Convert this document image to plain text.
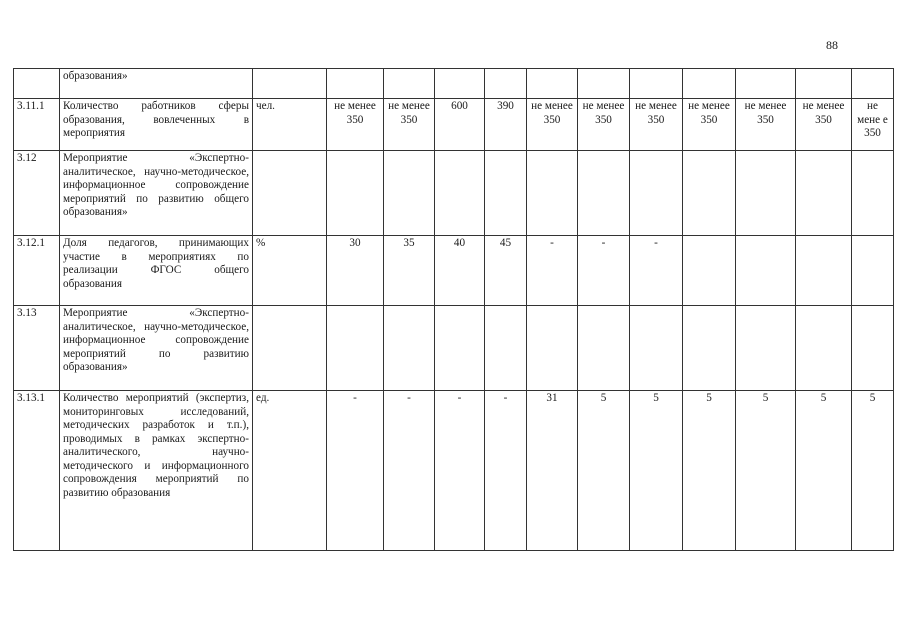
88
	образования»												
3.11.1	Количество работников сферы образования, вовлеченных в мероприятия	чел.	не менее 350	не менее 350	600	390	не менее 350	не менее 350	не менее 350	не менее 350	не менее 350	не менее 350	не мене е 350
3.12	Мероприятие «Экспертно-аналитическое, научно-методическое, информационное сопровождение мероприятий по развитию общего образования»												
3.12.1	Доля педагогов, принимающих участие в мероприятиях по реализации ФГОС общего образования	%	30	35	40	45	-	-	-				
3.13	Мероприятие «Экспертно-аналитическое, научно-методическое, информационное сопровождение мероприятий по развитию образования»												
3.13.1	Количество мероприятий (экспертиз, мониторинговых исследований, методических разработок и т.п.), проводимых в рамках экспертно-аналитического, научно-методического и информационного сопровождения мероприятий по развитию образования	ед.	-	-	-	-	31	5	5	5	5	5	5
